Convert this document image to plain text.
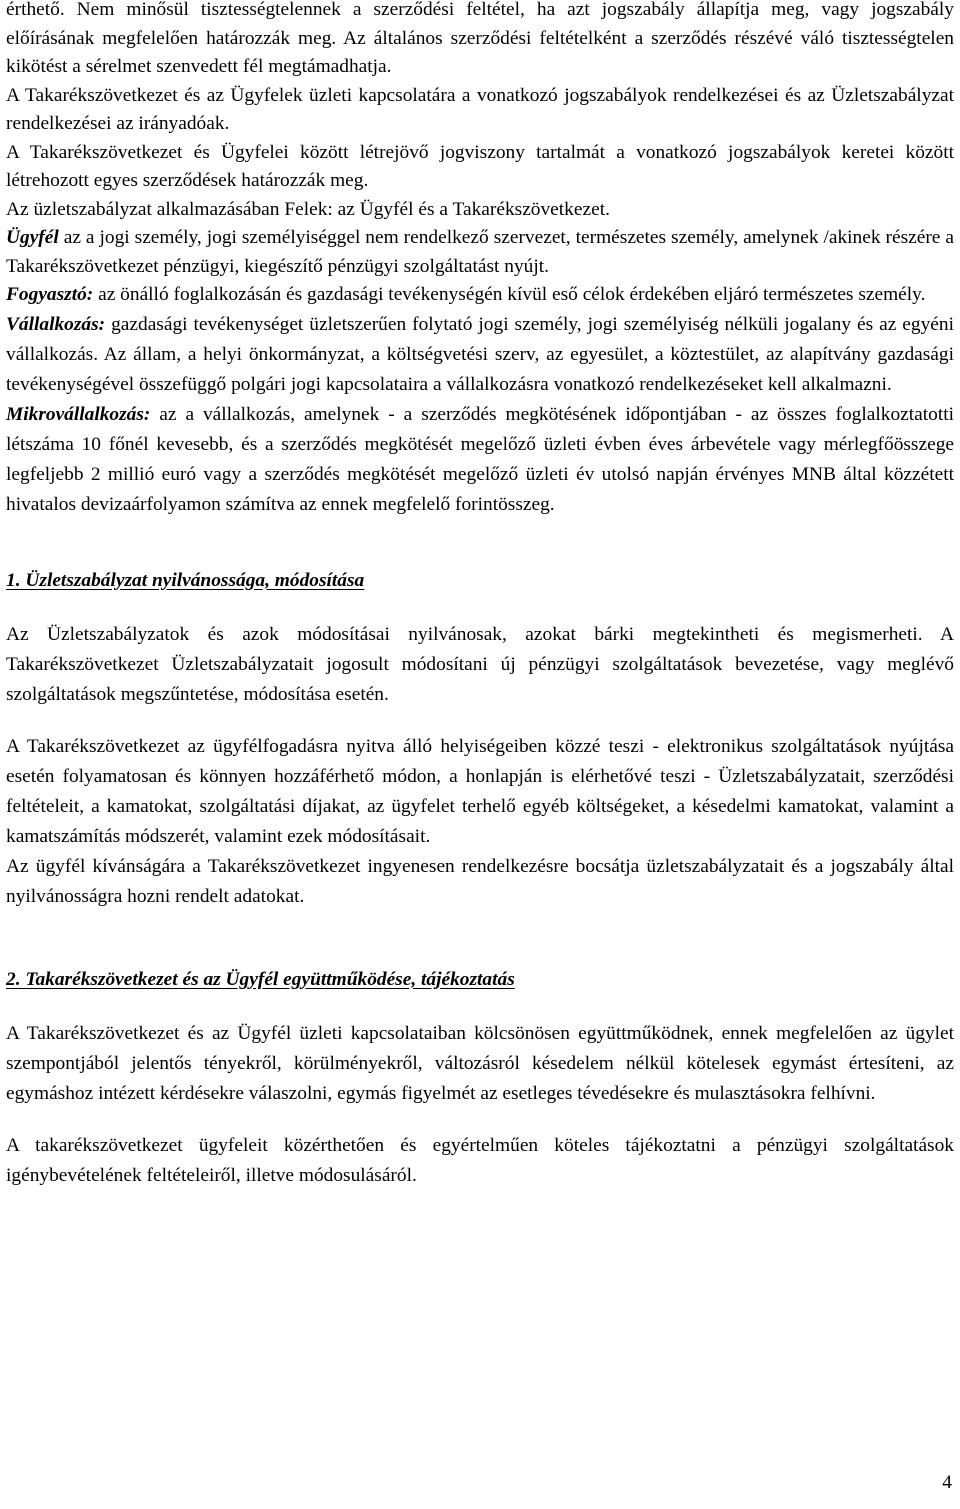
érthető. Nem minősül tisztességtelennek a szerződési feltétel, ha azt jogszabály állapítja meg, vagy jogszabály előírásának megfelelően határozzák meg. Az általános szerződési feltételként a szerződés részévé váló tisztességtelen kikötést a sérelmet szenvedett fél megtámadhatja.

A Takarékszövetkezet és az Ügyfelek üzleti kapcsolatára a vonatkozó jogszabályok rendelkezései és az Üzletszabályzat rendelkezései az irányadóak.

A Takarékszövetkezet és Ügyfelei között létrejövő jogviszony tartalmát a vonatkozó jogszabályok keretei között létrehozott egyes szerződések határozzák meg.

Az üzletszabályzat alkalmazásában Felek: az Ügyfél és a Takarékszövetkezet.

Ügyfél az a jogi személy, jogi személyiséggel nem rendelkező szervezet, természetes személy, amelynek /akinek részére a Takarékszövetkezet pénzügyi, kiegészítő pénzügyi szolgáltatást nyújt.

Fogyasztó: az önálló foglalkozásán és gazdasági tevékenységén kívül eső célok érdekében eljáró természetes személy.

Vállalkozás: gazdasági tevékenységet üzletszerűen folytató jogi személy, jogi személyiség nélküli jogalany és az egyéni vállalkozás. Az állam, a helyi önkormányzat, a költségvetési szerv, az egyesület, a köztestület, az alapítvány gazdasági tevékenységével összefüggő polgári jogi kapcsolataira a vállalkozásra vonatkozó rendelkezéseket kell alkalmazni.

Mikrovállalkozás: az a vállalkozás, amelynek - a szerződés megkötésének időpontjában - az összes foglalkoztatotti létszáma 10 főnél kevesebb, és a szerződés megkötését megelőző üzleti évben éves árbevétele vagy mérlegfőösszege legfeljebb 2 millió euró vagy a szerződés megkötését megelőző üzleti év utolsó napján érvényes MNB által közzétett hivatalos devizaárfolyamon számítva az ennek megfelelő forintösszeg.

1. Üzletszabályzat nyilvánossága, módosítása

Az Üzletszabályzatok és azok módosításai nyilvánosak, azokat bárki megtekintheti és megismerheti. A Takarékszövetkezet Üzletszabályzatait jogosult módosítani új pénzügyi szolgáltatások bevezetése, vagy meglévő szolgáltatások megszűntetése, módosítása esetén.

A Takarékszövetkezet az ügyfélfogadásra nyitva álló helyiségeiben közzé teszi - elektronikus szolgáltatások nyújtása esetén folyamatosan és könnyen hozzáférhető módon, a honlapján is elérhetővé teszi - Üzletszabályzatait, szerződési feltételeit, a kamatokat, szolgáltatási díjakat, az ügyfelet terhelő egyéb költségeket, a késedelmi kamatokat, valamint a kamatszámítás módszerét, valamint ezek módosításait.

Az ügyfél kívánságára a Takarékszövetkezet ingyenesen rendelkezésre bocsátja üzletszabályzatait és a jogszabály által nyilvánosságra hozni rendelt adatokat.

2. Takarékszövetkezet és az Ügyfél együttműködése, tájékoztatás

A Takarékszövetkezet és az Ügyfél üzleti kapcsolataiban kölcsönösen együttműködnek, ennek megfelelően az ügylet szempontjából jelentős tényekről, körülményekről, változásról késedelem nélkül kötelesek egymást értesíteni, az egymáshoz intézett kérdésekre válaszolni, egymás figyelmét az esetleges tévedésekre és mulasztásokra felhívni.

A takarékszövetkezet ügyfeleit közérthetően és egyértelműen köteles tájékoztatni a pénzügyi szolgáltatások igénybevételének feltételeiről, illetve módosulásáról.

4
